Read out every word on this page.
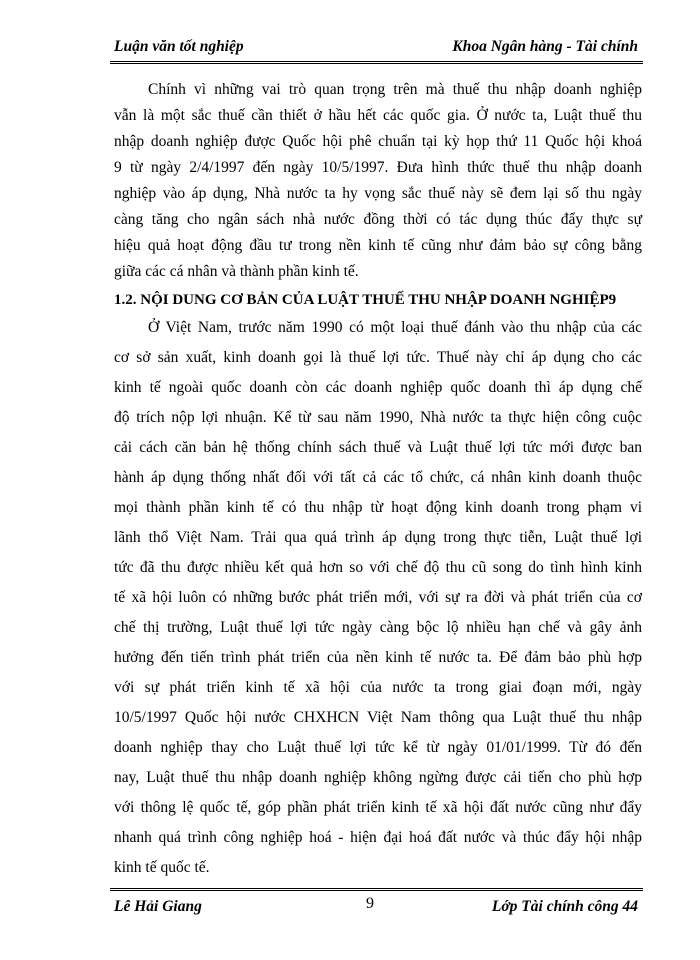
Luận văn tốt nghiệp	Khoa Ngân hàng - Tài chính
Chính vì những vai trò quan trọng trên mà thuế thu nhập doanh nghiệp
vẫn là một sắc thuế cần thiết ở hầu hết các quốc gia. Ở nước ta, Luật thuế thu
nhập doanh nghiệp được Quốc hội phê chuẩn tại kỳ họp thứ 11 Quốc hội khoá
9 từ ngày 2/4/1997 đến ngày 10/5/1997. Đưa hình thức thuế thu nhập doanh
nghiệp vào áp dụng, Nhà nước ta hy vọng sắc thuế này sẽ đem lại số thu ngày
càng tăng cho ngân sách nhà nước đồng thời có tác dụng thúc đẩy thực sự
hiệu quả hoạt động đầu tư trong nền kinh tế cũng như đảm bảo sự công bằng
giữa các cá nhân và thành phần kinh tế.
1.2. NỘI DUNG CƠ BẢN CỦA LUẬT THUẾ THU NHẬP DOANH NGHIỆP9
Ở Việt Nam, trước năm 1990 có một loại thuế đánh vào thu nhập của các
cơ sở sản xuất, kinh doanh gọi là thuế lợi tức. Thuế này chỉ áp dụng cho các
kinh tế ngoài quốc doanh còn các doanh nghiệp quốc doanh thì áp dụng chế
độ trích nộp lợi nhuận. Kể từ sau năm 1990, Nhà nước ta thực hiện công cuộc
cải cách căn bản hệ thống chính sách thuế và Luật thuế lợi tức mới được ban
hành áp dụng thống nhất đối với tất cả các tổ chức, cá nhân kinh doanh thuộc
mọi thành phần kinh tế có thu nhập từ hoạt động kinh doanh trong phạm vi
lãnh thổ Việt Nam. Trải qua quá trình áp dụng trong thực tiễn, Luật thuế lợi
tức đã thu được nhiều kết quả hơn so với chế độ thu cũ song do tình hình kinh
tế xã hội luôn có những bước phát triển mới, với sự ra đời và phát triển của cơ
chế thị trường, Luật thuế lợi tức ngày càng bộc lộ nhiều hạn chế và gây ảnh
hưởng đến tiến trình phát triển của nền kinh tế nước ta. Để đảm bảo phù hợp
với sự phát triển kinh tế xã hội của nước ta trong giai đoạn mới, ngày
10/5/1997 Quốc hội nước CHXHCN Việt Nam thông qua Luật thuế thu nhập
doanh nghiệp thay cho Luật thuế lợi tức kể từ ngày 01/01/1999. Từ đó đến
nay, Luật thuế thu nhập doanh nghiệp không ngừng được cải tiến cho phù hợp
với thông lệ quốc tế, góp phần phát triển kinh tế xã hội đất nước cũng như đẩy
nhanh quá trình công nghiệp hoá - hiện đại hoá đất nước và thúc đẩy hội nhập
kinh tế quốc tế.
Lê Hải Giang	9	Lớp Tài chính công 44
